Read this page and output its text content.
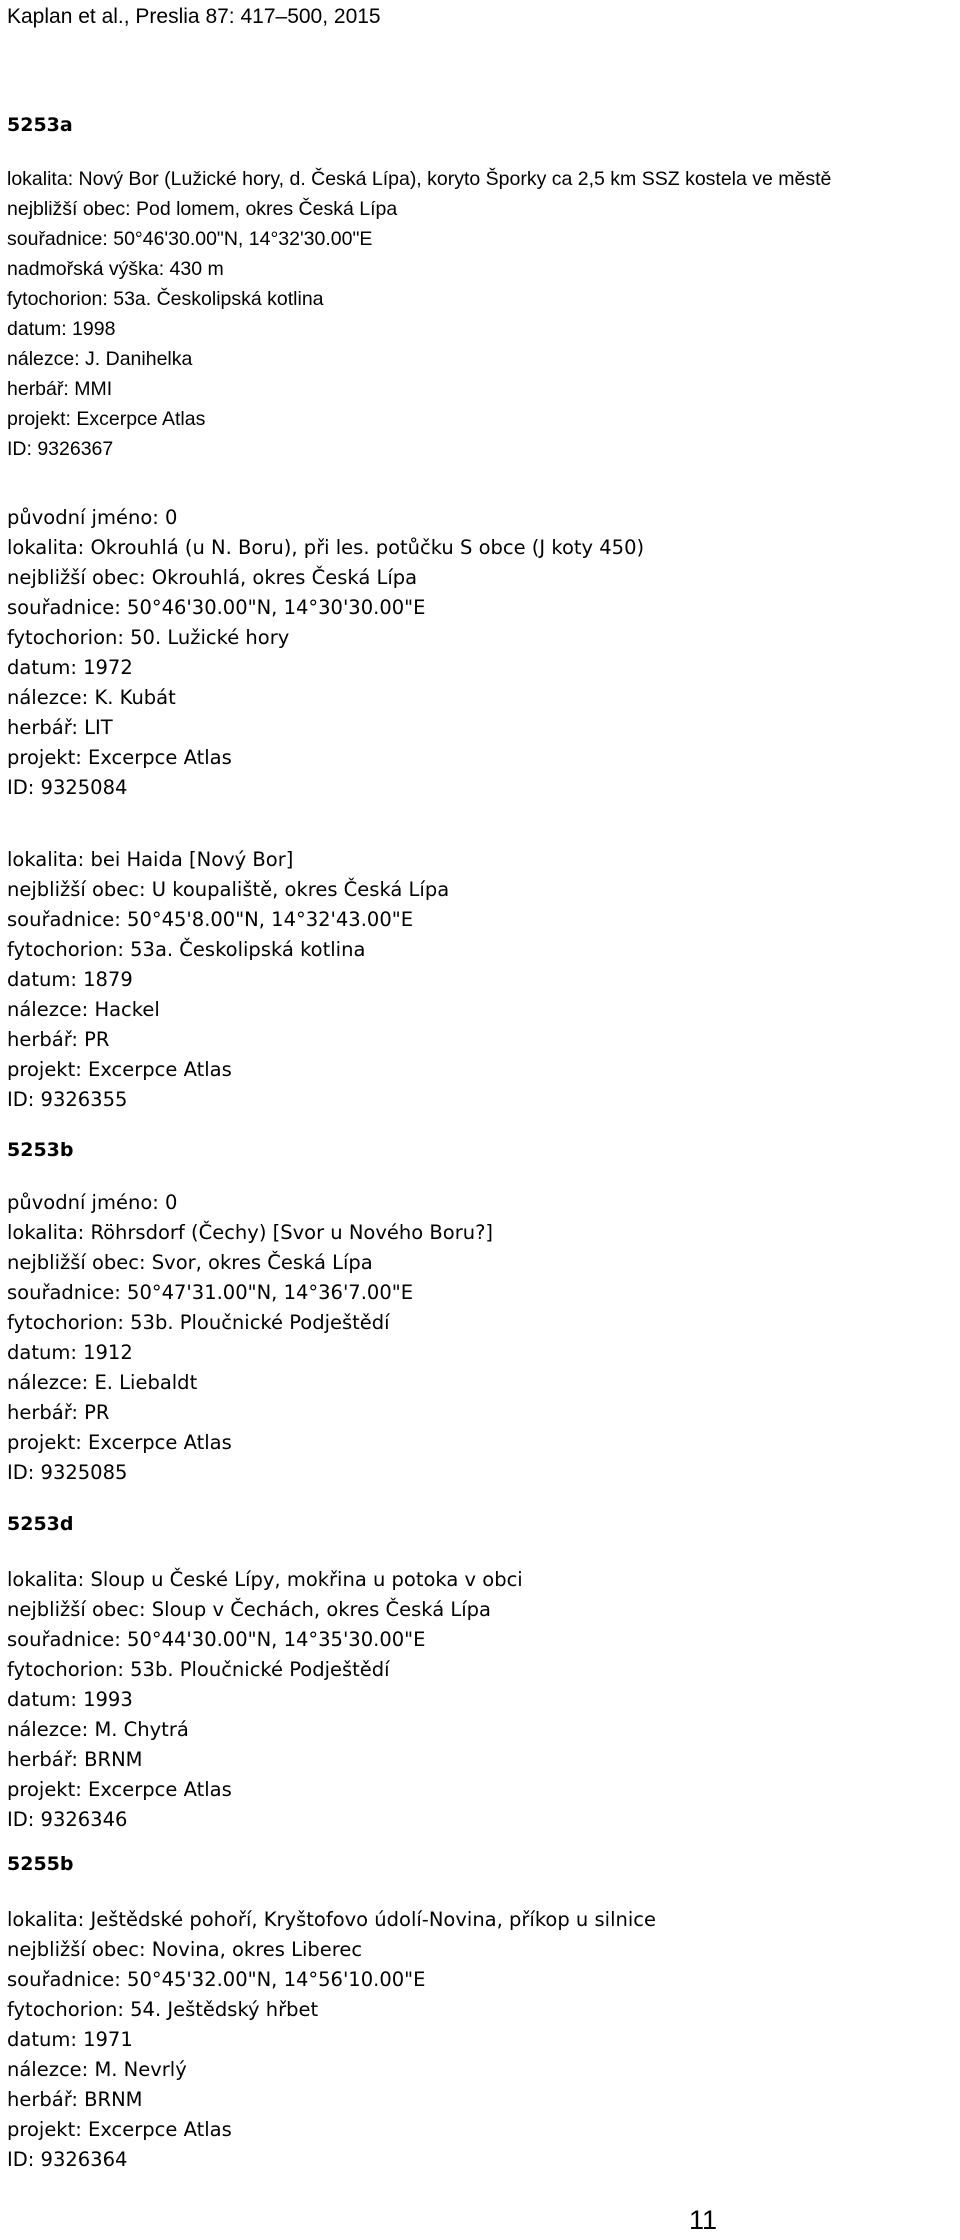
Kaplan et al., Preslia 87: 417–500, 2015
5253a
lokalita: Nový Bor (Lužické hory, d. Česká Lípa), koryto Šporky ca 2,5 km SSZ kostela ve městě
nejbližší obec: Pod lomem, okres Česká Lípa
souřadnice: 50°46'30.00"N, 14°32'30.00"E
nadmořská výška: 430 m
fytochorion: 53a. Českolipská kotlina
datum: 1998
nálezce: J. Danihelka
herbář: MMI
projekt: Excerpce Atlas
ID: 9326367
původní jméno: 0
lokalita: Okrouhlá (u N. Boru), při les. potůčku S obce (J koty 450)
nejbližší obec: Okrouhlá, okres Česká Lípa
souřadnice: 50°46'30.00"N, 14°30'30.00"E
fytochorion: 50. Lužické hory
datum: 1972
nálezce: K. Kubát
herbář: LIT
projekt: Excerpce Atlas
ID: 9325084
lokalita: bei Haida [Nový Bor]
nejbližší obec: U koupaliště, okres Česká Lípa
souřadnice: 50°45'8.00"N, 14°32'43.00"E
fytochorion: 53a. Českolipská kotlina
datum: 1879
nálezce: Hackel
herbář: PR
projekt: Excerpce Atlas
ID: 9326355
5253b
původní jméno: 0
lokalita: Röhrsdorf (Čechy) [Svor u Nového Boru?]
nejbližší obec: Svor, okres Česká Lípa
souřadnice: 50°47'31.00"N, 14°36'7.00"E
fytochorion: 53b. Ploučnické Podještědí
datum: 1912
nálezce: E. Liebaldt
herbář: PR
projekt: Excerpce Atlas
ID: 9325085
5253d
lokalita: Sloup u České Lípy, mokřina u potoka v obci
nejbližší obec: Sloup v Čechách, okres Česká Lípa
souřadnice: 50°44'30.00"N, 14°35'30.00"E
fytochorion: 53b. Ploučnické Podještědí
datum: 1993
nálezce: M. Chytrá
herbář: BRNM
projekt: Excerpce Atlas
ID: 9326346
5255b
lokalita: Ještědské pohoří, Kryštofovo údolí-Novina, příkop u silnice
nejbližší obec: Novina, okres Liberec
souřadnice: 50°45'32.00"N, 14°56'10.00"E
fytochorion: 54. Ještědský hřbet
datum: 1971
nálezce: M. Nevrlý
herbář: BRNM
projekt: Excerpce Atlas
ID: 9326364
11
